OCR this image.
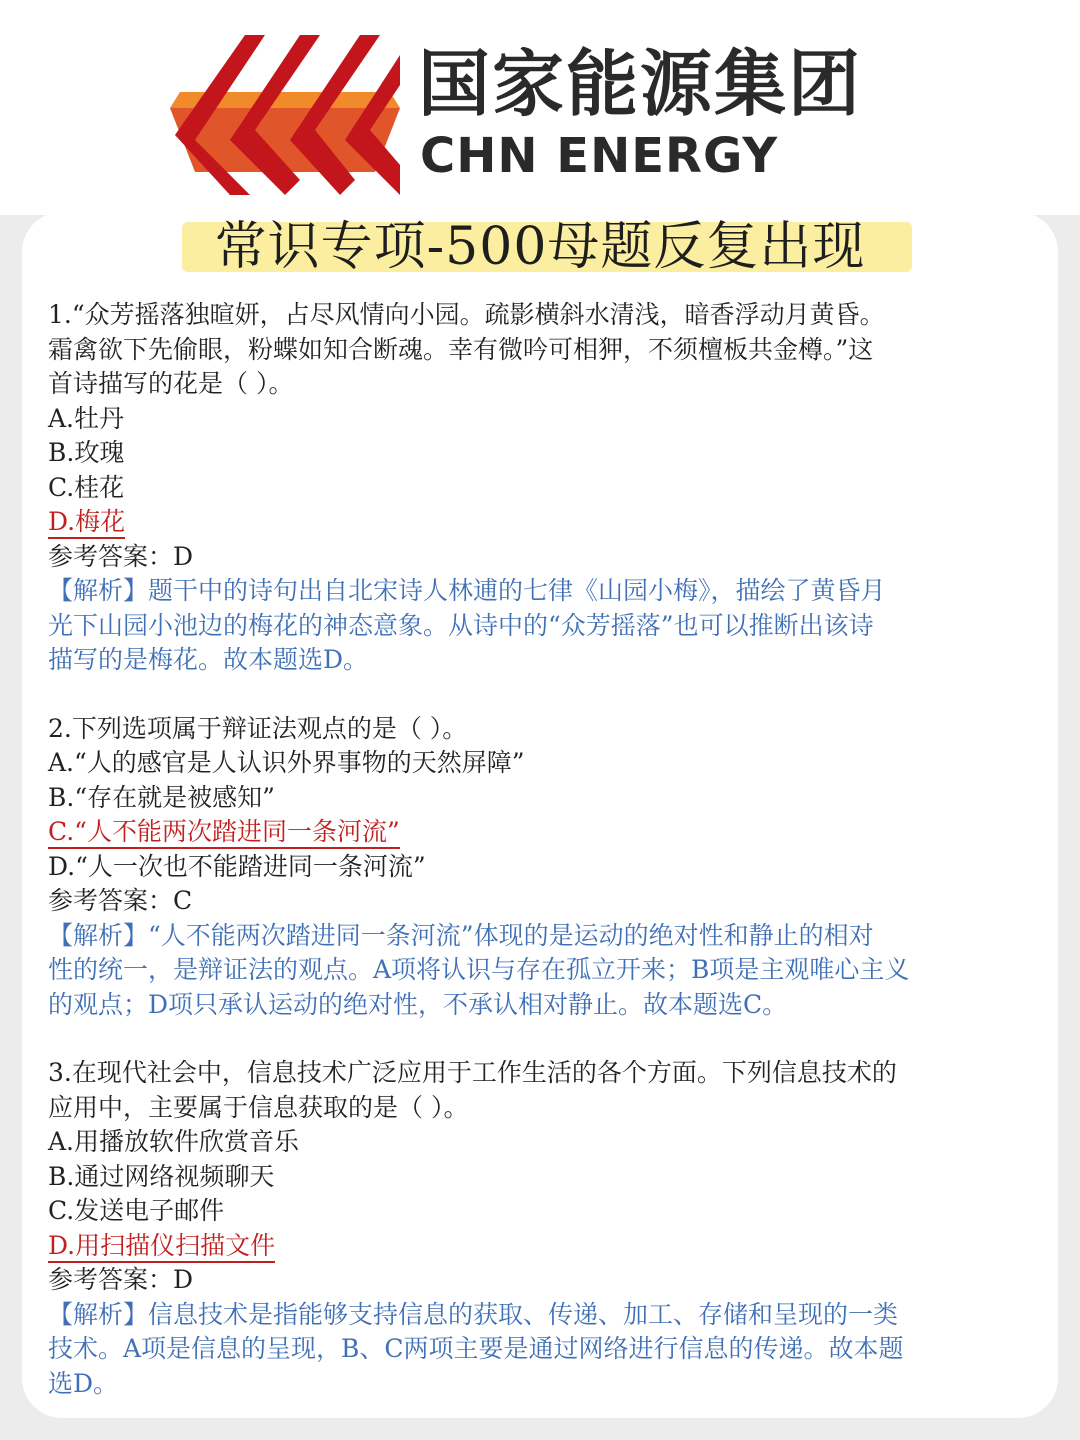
国家能源集团
CHN ENERGY
常识专项-500母题反复出现
1.“众芳摇落独暄妍，占尽风情向小园。疏影横斜水清浅，暗香浮动月黄昏。
霜禽欲下先偷眼，粉蝶如知合断魂。幸有微吟可相狎，不须檀板共金樽。”这
首诗描写的花是（ ）。
A.牡丹
B.玫瑰
C.桂花
D.梅花
参考答案：D
【解析】题干中的诗句出自北宋诗人林逋的七律《山园小梅》，描绘了黄昏月
光下山园小池边的梅花的神态意象。从诗中的“众芳摇落”也可以推断出该诗
描写的是梅花。故本题选D。
2.下列选项属于辩证法观点的是（ ）。
A.“人的感官是人认识外界事物的天然屏障”
B.“存在就是被感知”
C.“人不能两次踏进同一条河流”
D.“人一次也不能踏进同一条河流”
参考答案：C
【解析】“人不能两次踏进同一条河流”体现的是运动的绝对性和静止的相对
性的统一，是辩证法的观点。A项将认识与存在孤立开来；B项是主观唯心主义
的观点；D项只承认运动的绝对性，不承认相对静止。故本题选C。
3.在现代社会中，信息技术广泛应用于工作生活的各个方面。下列信息技术的
应用中，主要属于信息获取的是（ ）。
A.用播放软件欣赏音乐
B.通过网络视频聊天
C.发送电子邮件
D.用扫描仪扫描文件
参考答案：D
【解析】信息技术是指能够支持信息的获取、传递、加工、存储和呈现的一类
技术。A项是信息的呈现，B、C两项主要是通过网络进行信息的传递。故本题
选D。
